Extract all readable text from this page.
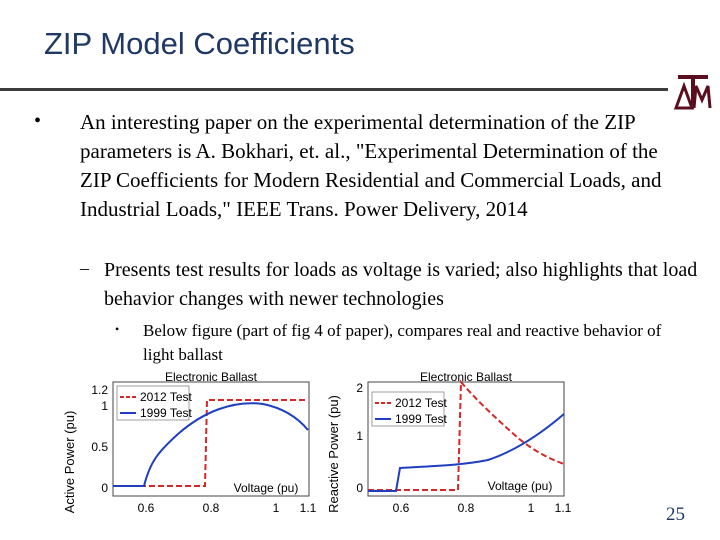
ZIP Model Coefficients
• An interesting paper on the experimental determination of the ZIP parameters is A. Bokhari, et. al., "Experimental Determination of the ZIP Coefficients for Modern Residential and Commercial Loads, and Industrial Loads," IEEE Trans. Power Delivery, 2014
– Presents test results for loads as voltage is varied; also highlights that load behavior changes with newer technologies
• Below figure (part of fig 4 of paper), compares real and reactive behavior of light ballast
Active Power (pu)
Electronic Ballast
0
0.5
1
1.2
0.6	0.8	1 1.1
Voltage (pu)
2012 Test
1999 Test	Reactive Power (pu)
Electronic Ballast
0
1
2
0.6	0.8	1 1.1
Voltage (pu)
2012 Test
1999 Test
25
